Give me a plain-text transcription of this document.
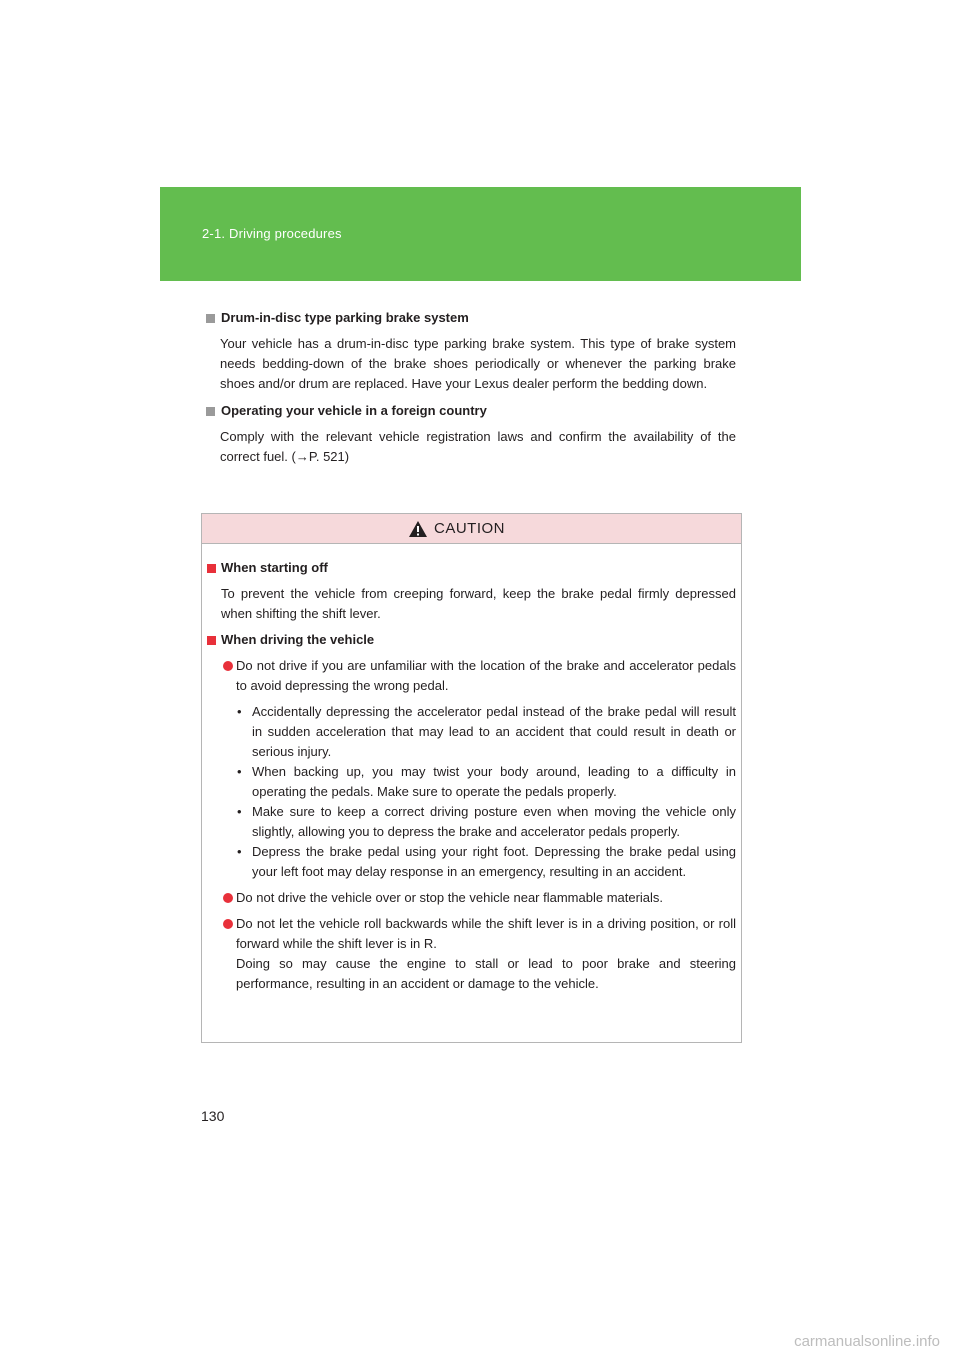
2-1. Driving procedures
Drum-in-disc type parking brake system
Your vehicle has a drum-in-disc type parking brake system. This type of brake system needs bedding-down of the brake shoes periodically or whenever the parking brake shoes and/or drum are replaced. Have your Lexus dealer perform the bedding down.
Operating your vehicle in a foreign country
Comply with the relevant vehicle registration laws and confirm the availability of the correct fuel. (→P. 521)
CAUTION
When starting off
To prevent the vehicle from creeping forward, keep the brake pedal firmly depressed when shifting the shift lever.
When driving the vehicle
Do not drive if you are unfamiliar with the location of the brake and accelerator pedals to avoid depressing the wrong pedal.
• Accidentally depressing the accelerator pedal instead of the brake pedal will result in sudden acceleration that may lead to an accident that could result in death or serious injury.
• When backing up, you may twist your body around, leading to a difficulty in operating the pedals. Make sure to operate the pedals properly.
• Make sure to keep a correct driving posture even when moving the vehicle only slightly, allowing you to depress the brake and accelerator pedals properly.
• Depress the brake pedal using your right foot. Depressing the brake pedal using your left foot may delay response in an emergency, resulting in an accident.
Do not drive the vehicle over or stop the vehicle near flammable materials.
Do not let the vehicle roll backwards while the shift lever is in a driving position, or roll forward while the shift lever is in R.
Doing so may cause the engine to stall or lead to poor brake and steering performance, resulting in an accident or damage to the vehicle.
130
carmanualsonline.info
